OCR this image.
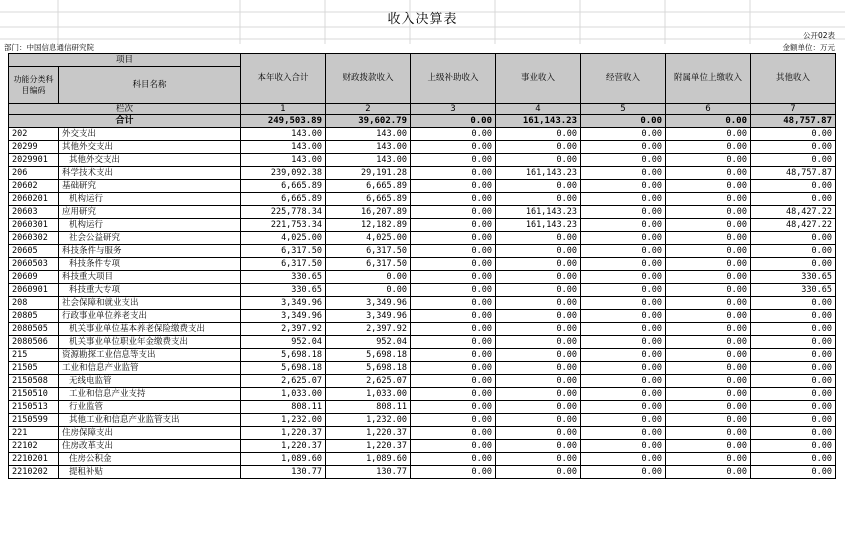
收入决算表
公开02表
部门：中国信息通信研究院	金额单位：万元
项目		本年收入合计	财政拨款收入	上级补助收入	事业收入	经营收入	附属单位上缴收入	其他收入
功能分类科目编码	科目名称							
栏次		1	2	3	4	5	6	7
合计		249,503.89	39,602.79	0.00	161,143.23	0.00	0.00	48,757.87
202	外交支出	143.00	143.00	0.00	0.00	0.00	0.00	0.00
20299	其他外交支出	143.00	143.00	0.00	0.00	0.00	0.00	0.00
2029901	其他外交支出	143.00	143.00	0.00	0.00	0.00	0.00	0.00
206	科学技术支出	239,092.38	29,191.28	0.00	161,143.23	0.00	0.00	48,757.87
20602	基础研究	6,665.89	6,665.89	0.00	0.00	0.00	0.00	0.00
2060201	机构运行	6,665.89	6,665.89	0.00	0.00	0.00	0.00	0.00
20603	应用研究	225,778.34	16,207.89	0.00	161,143.23	0.00	0.00	48,427.22
2060301	机构运行	221,753.34	12,182.89	0.00	161,143.23	0.00	0.00	48,427.22
2060302	社会公益研究	4,025.00	4,025.00	0.00	0.00	0.00	0.00	0.00
20605	科技条件与服务	6,317.50	6,317.50	0.00	0.00	0.00	0.00	0.00
2060503	科技条件专项	6,317.50	6,317.50	0.00	0.00	0.00	0.00	0.00
20609	科技重大项目	330.65	0.00	0.00	0.00	0.00	0.00	330.65
2060901	科技重大专项	330.65	0.00	0.00	0.00	0.00	0.00	330.65
208	社会保障和就业支出	3,349.96	3,349.96	0.00	0.00	0.00	0.00	0.00
20805	行政事业单位养老支出	3,349.96	3,349.96	0.00	0.00	0.00	0.00	0.00
2080505	机关事业单位基本养老保险缴费支出	2,397.92	2,397.92	0.00	0.00	0.00	0.00	0.00
2080506	机关事业单位职业年金缴费支出	952.04	952.04	0.00	0.00	0.00	0.00	0.00
215	资源勘探工业信息等支出	5,698.18	5,698.18	0.00	0.00	0.00	0.00	0.00
21505	工业和信息产业监管	5,698.18	5,698.18	0.00	0.00	0.00	0.00	0.00
2150508	无线电监管	2,625.07	2,625.07	0.00	0.00	0.00	0.00	0.00
2150510	工业和信息产业支持	1,033.00	1,033.00	0.00	0.00	0.00	0.00	0.00
2150513	行业监管	808.11	808.11	0.00	0.00	0.00	0.00	0.00
2150599	其他工业和信息产业监管支出	1,232.00	1,232.00	0.00	0.00	0.00	0.00	0.00
221	住房保障支出	1,220.37	1,220.37	0.00	0.00	0.00	0.00	0.00
22102	住房改革支出	1,220.37	1,220.37	0.00	0.00	0.00	0.00	0.00
2210201	住房公积金	1,089.60	1,089.60	0.00	0.00	0.00	0.00	0.00
2210202	提租补贴	130.77	130.77	0.00	0.00	0.00	0.00	0.00
